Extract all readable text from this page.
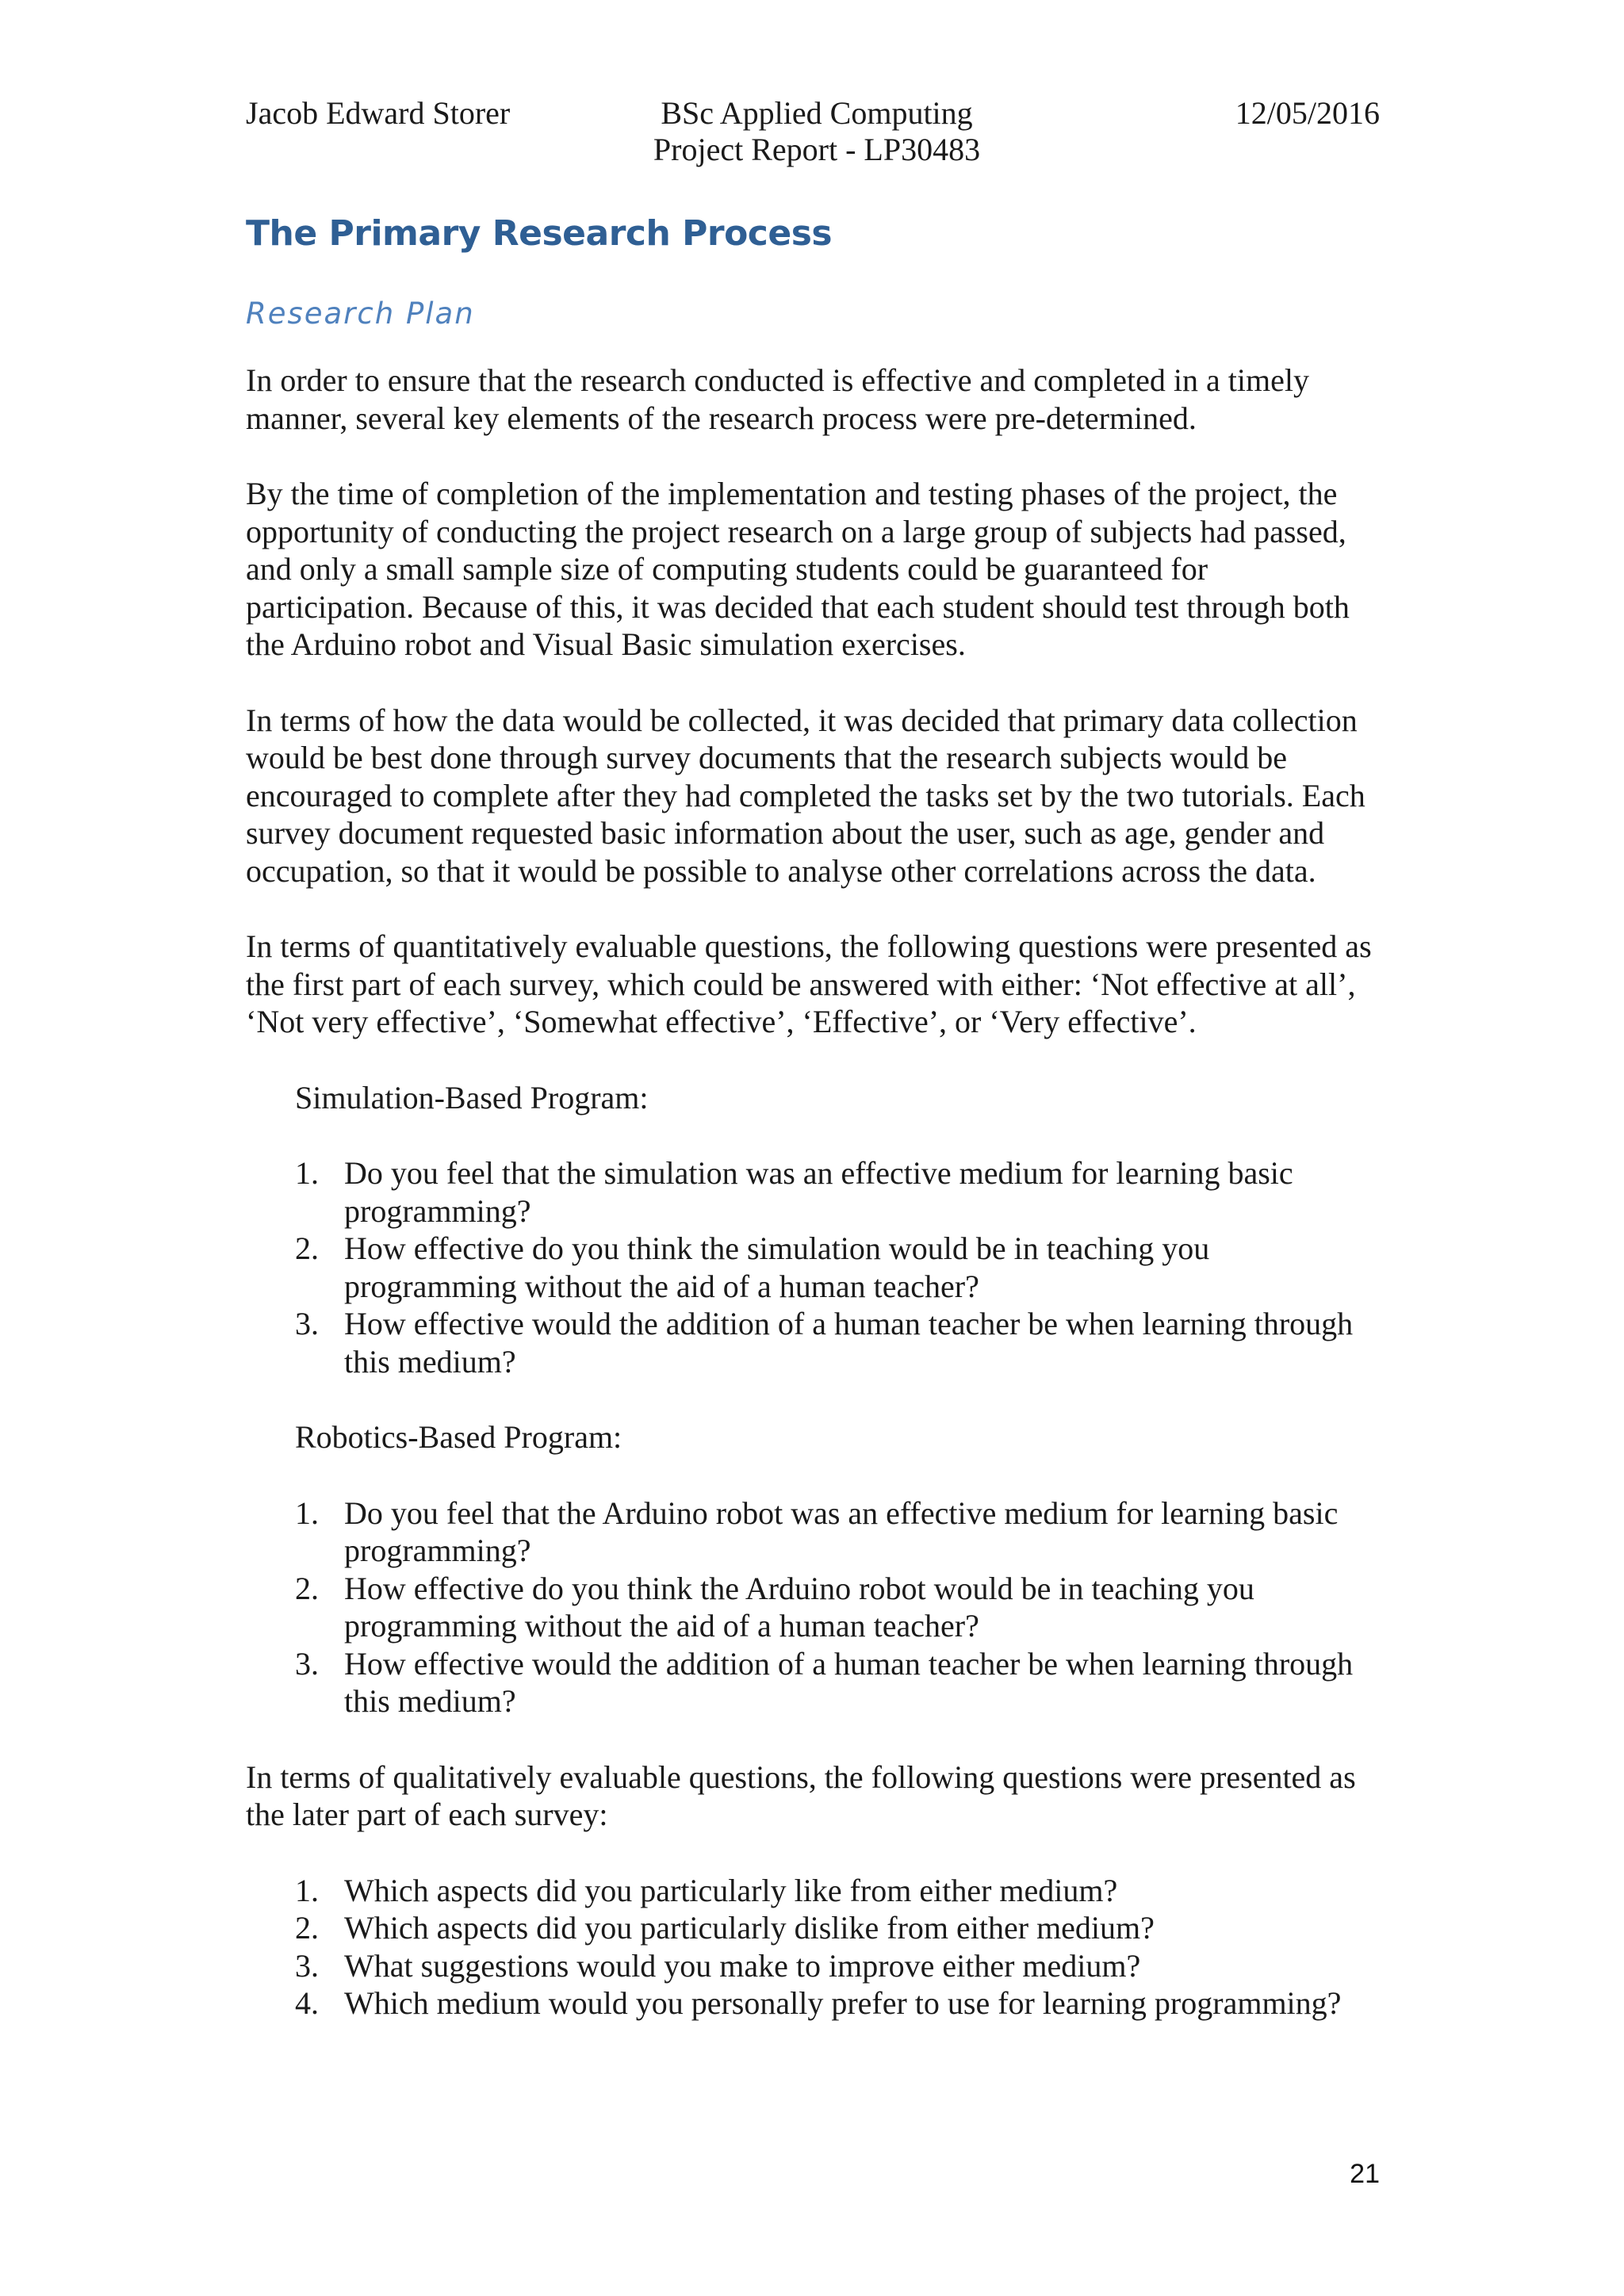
Jacob Edward Storer	BSc Applied Computing
Project Report - LP30483
12/05/2016
The Primary Research Process
Research Plan

In order to ensure that the research conducted is effective and completed in a timely manner, several key elements of the research process were pre-determined.

By the time of completion of the implementation and testing phases of the project, the opportunity of conducting the project research on a large group of subjects had passed, and only a small sample size of computing students could be guaranteed for participation. Because of this, it was decided that each student should test through both the Arduino robot and Visual Basic simulation exercises.

In terms of how the data would be collected, it was decided that primary data collection would be best done through survey documents that the research subjects would be encouraged to complete after they had completed the tasks set by the two tutorials. Each survey document requested basic information about the user, such as age, gender and occupation, so that it would be possible to analyse other correlations across the data.

In terms of quantitatively evaluable questions, the following questions were presented as the first part of each survey, which could be answered with either: ‘Not effective at all’, ‘Not very effective’, ‘Somewhat effective’, ‘Effective’, or ‘Very effective’.

Simulation-Based Program:
1. Do you feel that the simulation was an effective medium for learning basic programming?
2. How effective do you think the simulation would be in teaching you programming without the aid of a human teacher?
3. How effective would the addition of a human teacher be when learning through this medium?
Robotics-Based Program:
1. Do you feel that the Arduino robot was an effective medium for learning basic programming?
2. How effective do you think the Arduino robot would be in teaching you programming without the aid of a human teacher?
3. How effective would the addition of a human teacher be when learning through this medium?

In terms of qualitatively evaluable questions, the following questions were presented as the later part of each survey:

1. Which aspects did you particularly like from either medium?
2. Which aspects did you particularly dislike from either medium?
3. What suggestions would you make to improve either medium?
4. Which medium would you personally prefer to use for learning programming?
21
